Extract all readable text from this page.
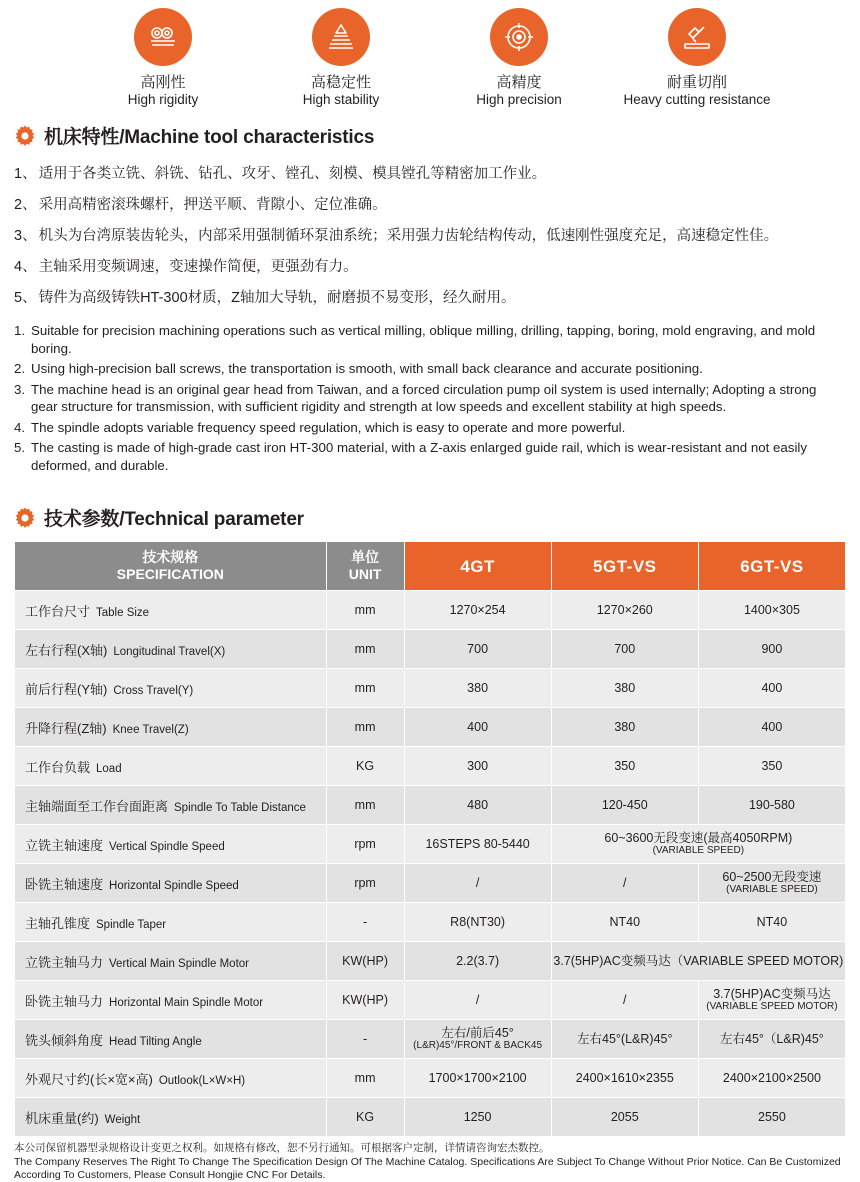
高刚性
High rigidity
高稳定性
High stability
高精度
High precision
耐重切削
Heavy cutting resistance
机床特性/Machine tool characteristics
1、 适用于各类立铣、斜铣、钻孔、攻牙、镗孔、刻模、模具镗孔等精密加工作业。
2、 采用高精密滚珠螺杆，押送平顺、背隙小、定位准确。
3、 机头为台湾原装齿轮头，内部采用强制循环泵油系统；采用强力齿轮结构传动，低速刚性强度充足，高速稳定性佳。
4、 主轴采用变频调速，变速操作简便，更强劲有力。
5、 铸件为高级铸铁HT-300材质，Z轴加大导轨，耐磨损不易变形，经久耐用。
1. Suitable for precision machining operations such as vertical milling, oblique milling, drilling, tapping, boring, mold engraving, and mold boring.
2. Using high-precision ball screws, the transportation is smooth, with small back clearance and accurate positioning.
3. The machine head is an original gear head from Taiwan, and a forced circulation pump oil system is used internally; Adopting a strong gear structure for transmission, with sufficient rigidity and strength at low speeds and excellent stability at high speeds.
4. The spindle adopts variable frequency speed regulation, which is easy to operate and more powerful.
5. The casting is made of high-grade cast iron HT-300 material, with a Z-axis enlarged guide rail, which is wear-resistant and not easily deformed, and durable.
技术参数/Technical parameter
技术规格
SPECIFICATION

单位
UNIT	4GT	5GT-VS	6GT-VS
工作台尺寸 Table Size	mm	1270×254	1270×260	1400×305
左右行程(X轴) Longitudinal Travel(X)	mm	700	700	900
前后行程(Y轴) Cross Travel(Y)	mm	380	380	400
升降行程(Z轴) Knee Travel(Z)	mm	400	380	400
工作台负载 Load	KG	300	350	350
主轴端面至工作台面距离 Spindle To Table Distance	mm	480	120-450	190-580
立铣主轴速度 Vertical Spindle Speed	rpm	16STEPS 80-5440	60~3600无段变速(最高4050RPM)
(VARIABLE SPEED)	

卧铣主轴速度 Horizontal Spindle Speed	rpm	/	/	60~2500无段变速
(VARIABLE SPEED)

主轴孔锥度 Spindle Taper	-	R8(NT30)	NT40	NT40
立铣主轴马力 Vertical Main Spindle Motor	KW(HP)	2.2(3.7)	3.7(5HP)AC变频马达（VARIABLE SPEED MOTOR)	
卧铣主轴马力 Horizontal Main Spindle Motor	KW(HP)	/	/	3.7(5HP)AC变频马达
(VARIABLE SPEED MOTOR)

铣头倾斜角度 Head Tilting Angle	-	左右/前后45°
(L&R)45°/FRONT & BACK45	左右45°(L&R)45°	左右45°（L&R)45°
外观尺寸约(长×宽×高) Outlook(L×W×H)	mm	1700×1700×2100	2400×1610×2355	2400×2100×2500
机床重量(约) Weight	KG	1250	2055	2550
本公司保留机器型录规格设计变更之权利。如规格有修改，恕不另行通知。可根据客户定制，详情请咨询宏杰数控。
The Company Reserves The Right To Change The Specification Design Of The Machine Catalog. Specifications Are Subject To Change Without Prior Notice. Can Be Customized According To Customers, Please Consult Hongjie CNC For Details.
